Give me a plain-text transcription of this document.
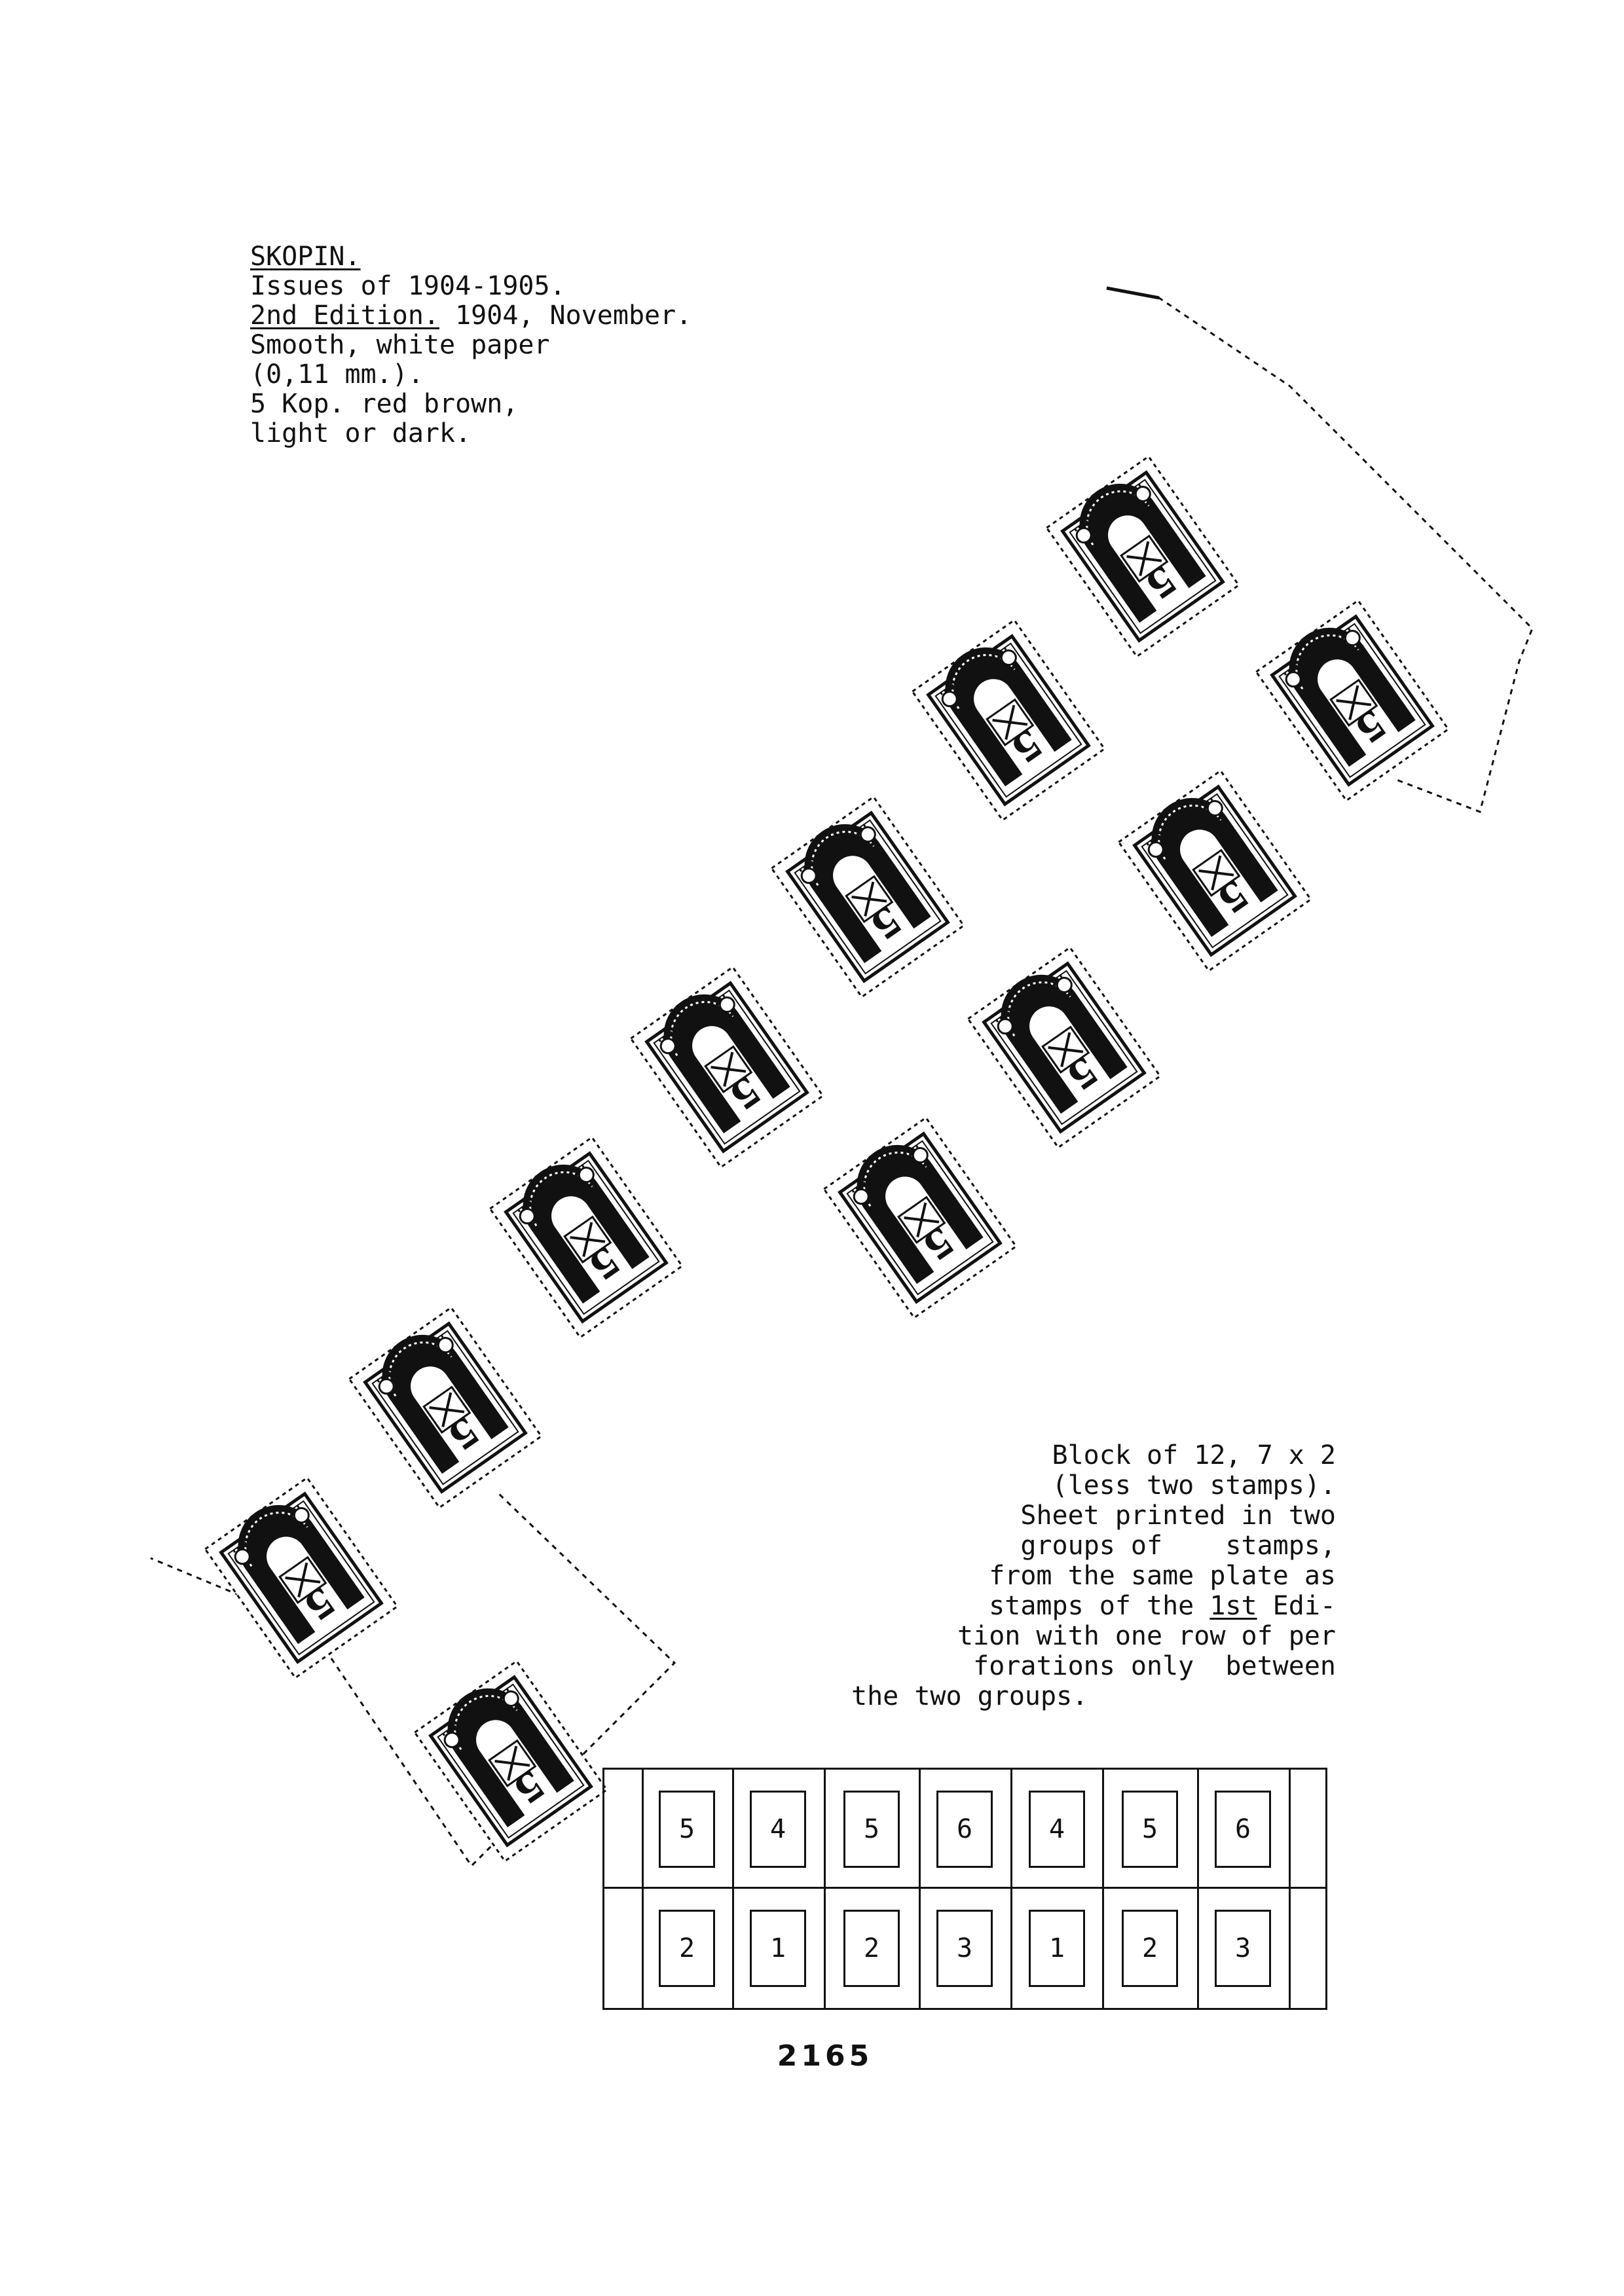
SKOPIN.
Issues of 1904-1905.
2nd Edition. 1904, November.
Smooth, white paper
(0,11 mm.).
5 Kop. red brown,
light or dark.
5
5
5
5
5
5
5
5
5
5
5
5
Block of 12, 7 x 2
(less two stamps).
Sheet printed in two
groups of    stamps,
from the same plate as
stamps of the 1st Edi-
tion with one row of per
forations only  between
the two groups.
5	4	5	6	4	5	6
2	1	2	3	1	2	3
2165
